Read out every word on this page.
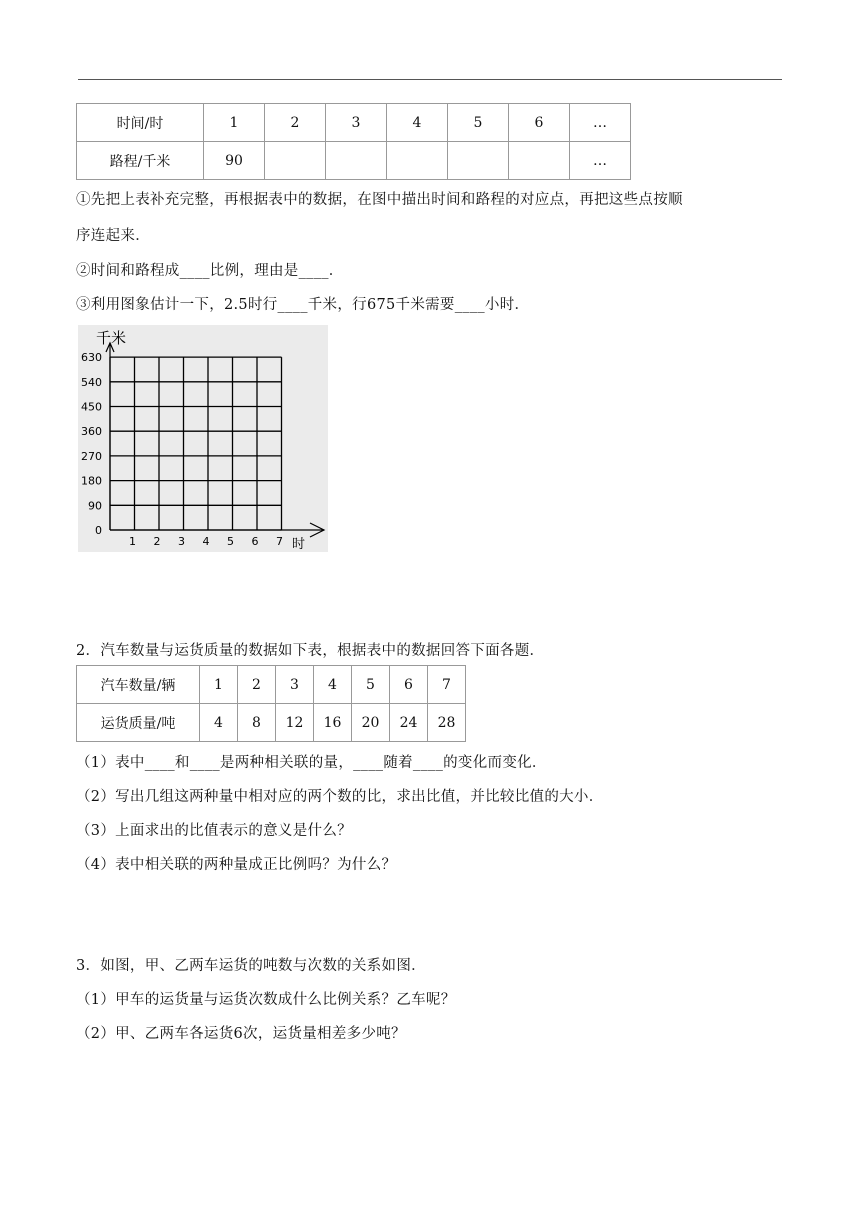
时间/时	1	2	3	4	5	6	…
路程/千米	90						…
①先把上表补充完整，再根据表中的数据，在图中描出时间和路程的对应点，再把这些点按顺
序连起来．
②时间和路程成____比例，理由是____．
③利用图象估计一下，2.5时行____千米，行675千米需要____小时．
千米
时
0
90
180
270
360
450
540
630
1 2 3 4 5 6 7
2．汽车数量与运货质量的数据如下表，根据表中的数据回答下面各题．
汽车数量/辆	1	2	3	4	5	6	7
运货质量/吨	4	8	12	16	20	24	28
（1）表中____和____是两种相关联的量，____随着____的变化而变化．
（2）写出几组这两种量中相对应的两个数的比，求出比值，并比较比值的大小．
（3）上面求出的比值表示的意义是什么？
（4）表中相关联的两种量成正比例吗？为什么？
3．如图，甲、乙两车运货的吨数与次数的关系如图．
（1）甲车的运货量与运货次数成什么比例关系？乙车呢？
（2）甲、乙两车各运货6次，运货量相差多少吨？
